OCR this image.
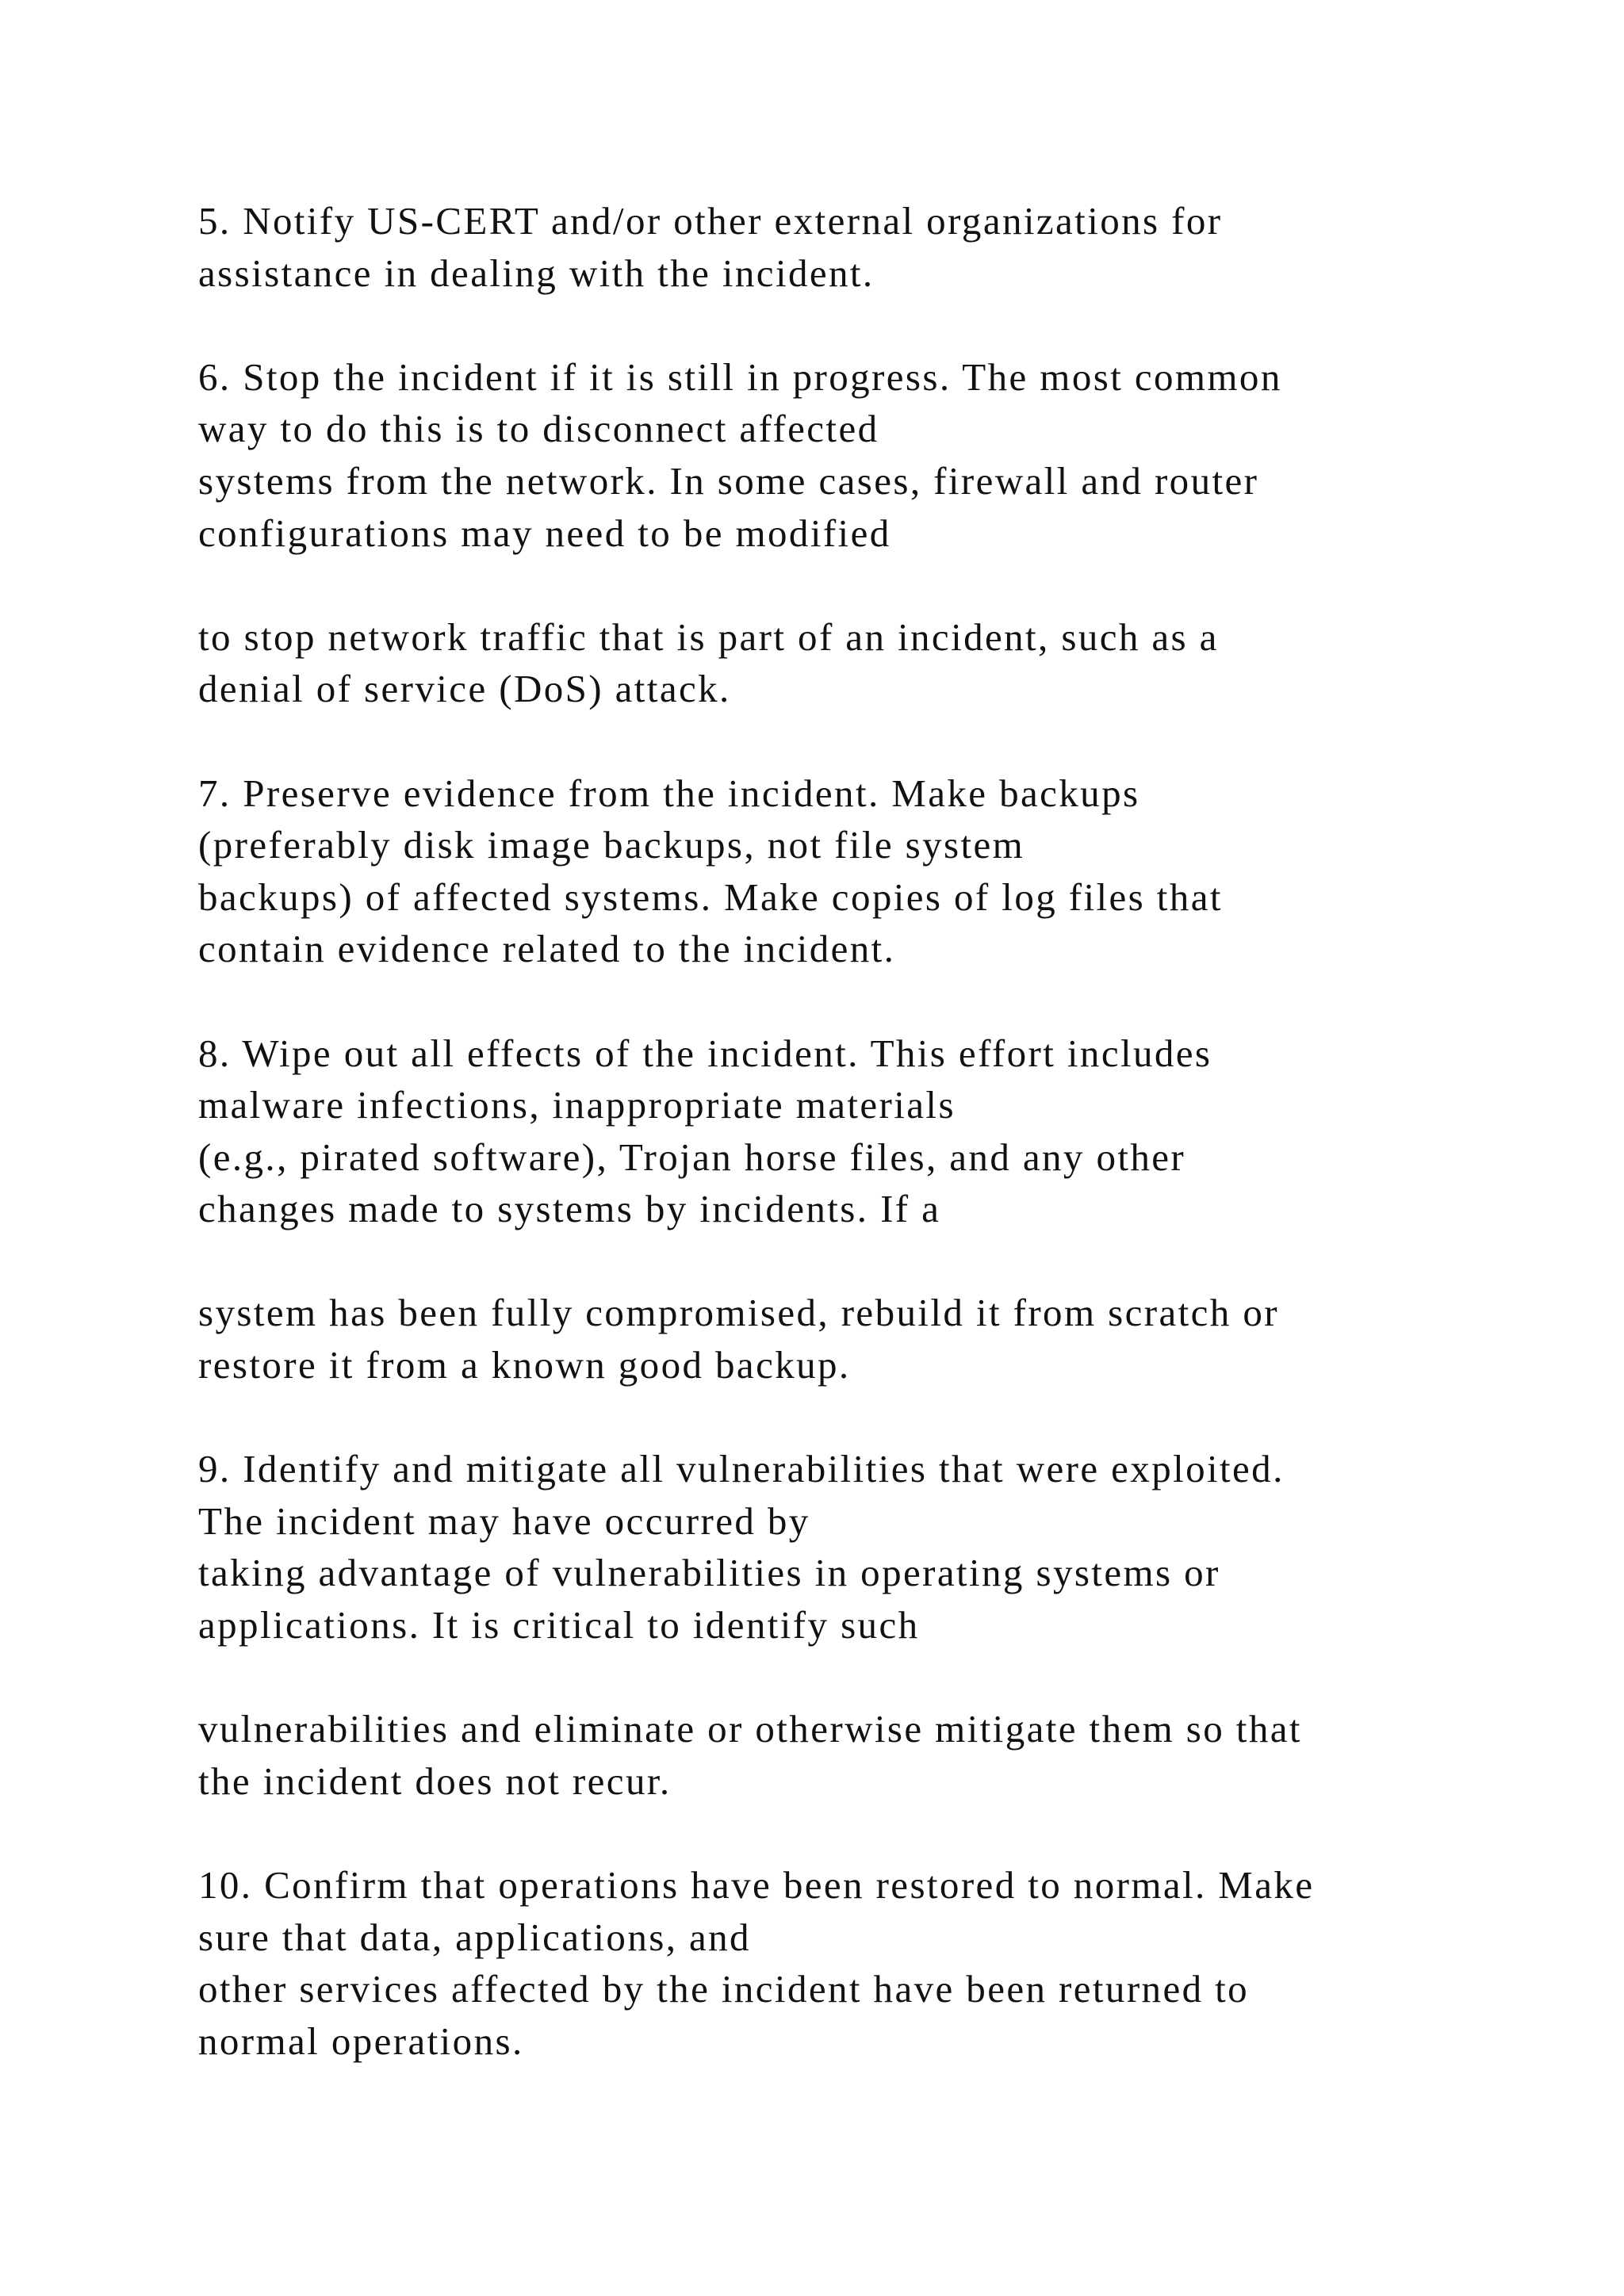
5. Notify US-CERT and/or other external organizations for
assistance in dealing with the incident.
6. Stop the incident if it is still in progress. The most common
way to do this is to disconnect affected
systems from the network. In some cases, firewall and router
configurations may need to be modified
to stop network traffic that is part of an incident, such as a
denial of service (DoS) attack.
7. Preserve evidence from the incident. Make backups
(preferably disk image backups, not file system
backups) of affected systems. Make copies of log files that
contain evidence related to the incident.
8. Wipe out all effects of the incident. This effort includes
malware infections, inappropriate materials
(e.g., pirated software), Trojan horse files, and any other
changes made to systems by incidents. If a
system has been fully compromised, rebuild it from scratch or
restore it from a known good backup.
9. Identify and mitigate all vulnerabilities that were exploited.
The incident may have occurred by
taking advantage of vulnerabilities in operating systems or
applications. It is critical to identify such
vulnerabilities and eliminate or otherwise mitigate them so that
the incident does not recur.
10. Confirm that operations have been restored to normal. Make
sure that data, applications, and
other services affected by the incident have been returned to
normal operations.
